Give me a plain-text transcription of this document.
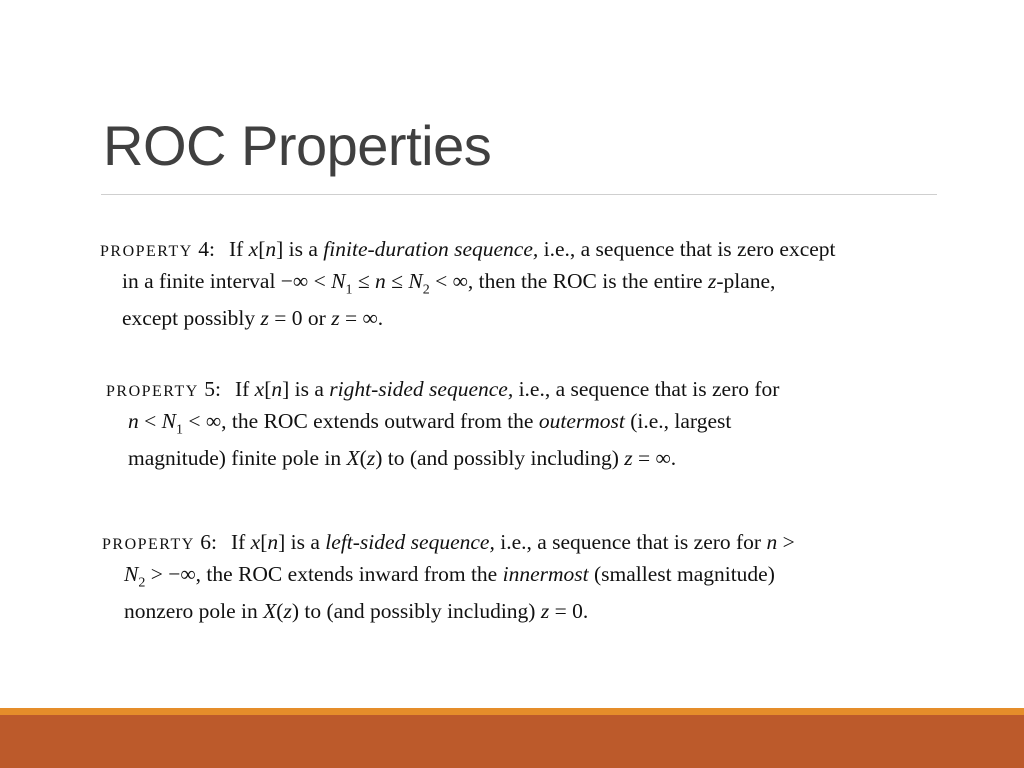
ROC Properties
PROPERTY 4: If x[n] is a finite-duration sequence, i.e., a sequence that is zero except
in a finite interval −∞ < $N_1 \le n \le N_2$ < ∞, then the ROC is the entire z-plane,
except possibly z = 0 or z = ∞.
PROPERTY 5: If x[n] is a right-sided sequence, i.e., a sequence that is zero for
$n < N_1$ < ∞, the ROC extends outward from the outermost (i.e., largest
magnitude) finite pole in X(z) to (and possibly including) z = ∞.
PROPERTY 6: If x[n] is a left-sided sequence, i.e., a sequence that is zero for n >
$N_2$ > −∞, the ROC extends inward from the innermost (smallest magnitude)
nonzero pole in X(z) to (and possibly including) z = 0.
